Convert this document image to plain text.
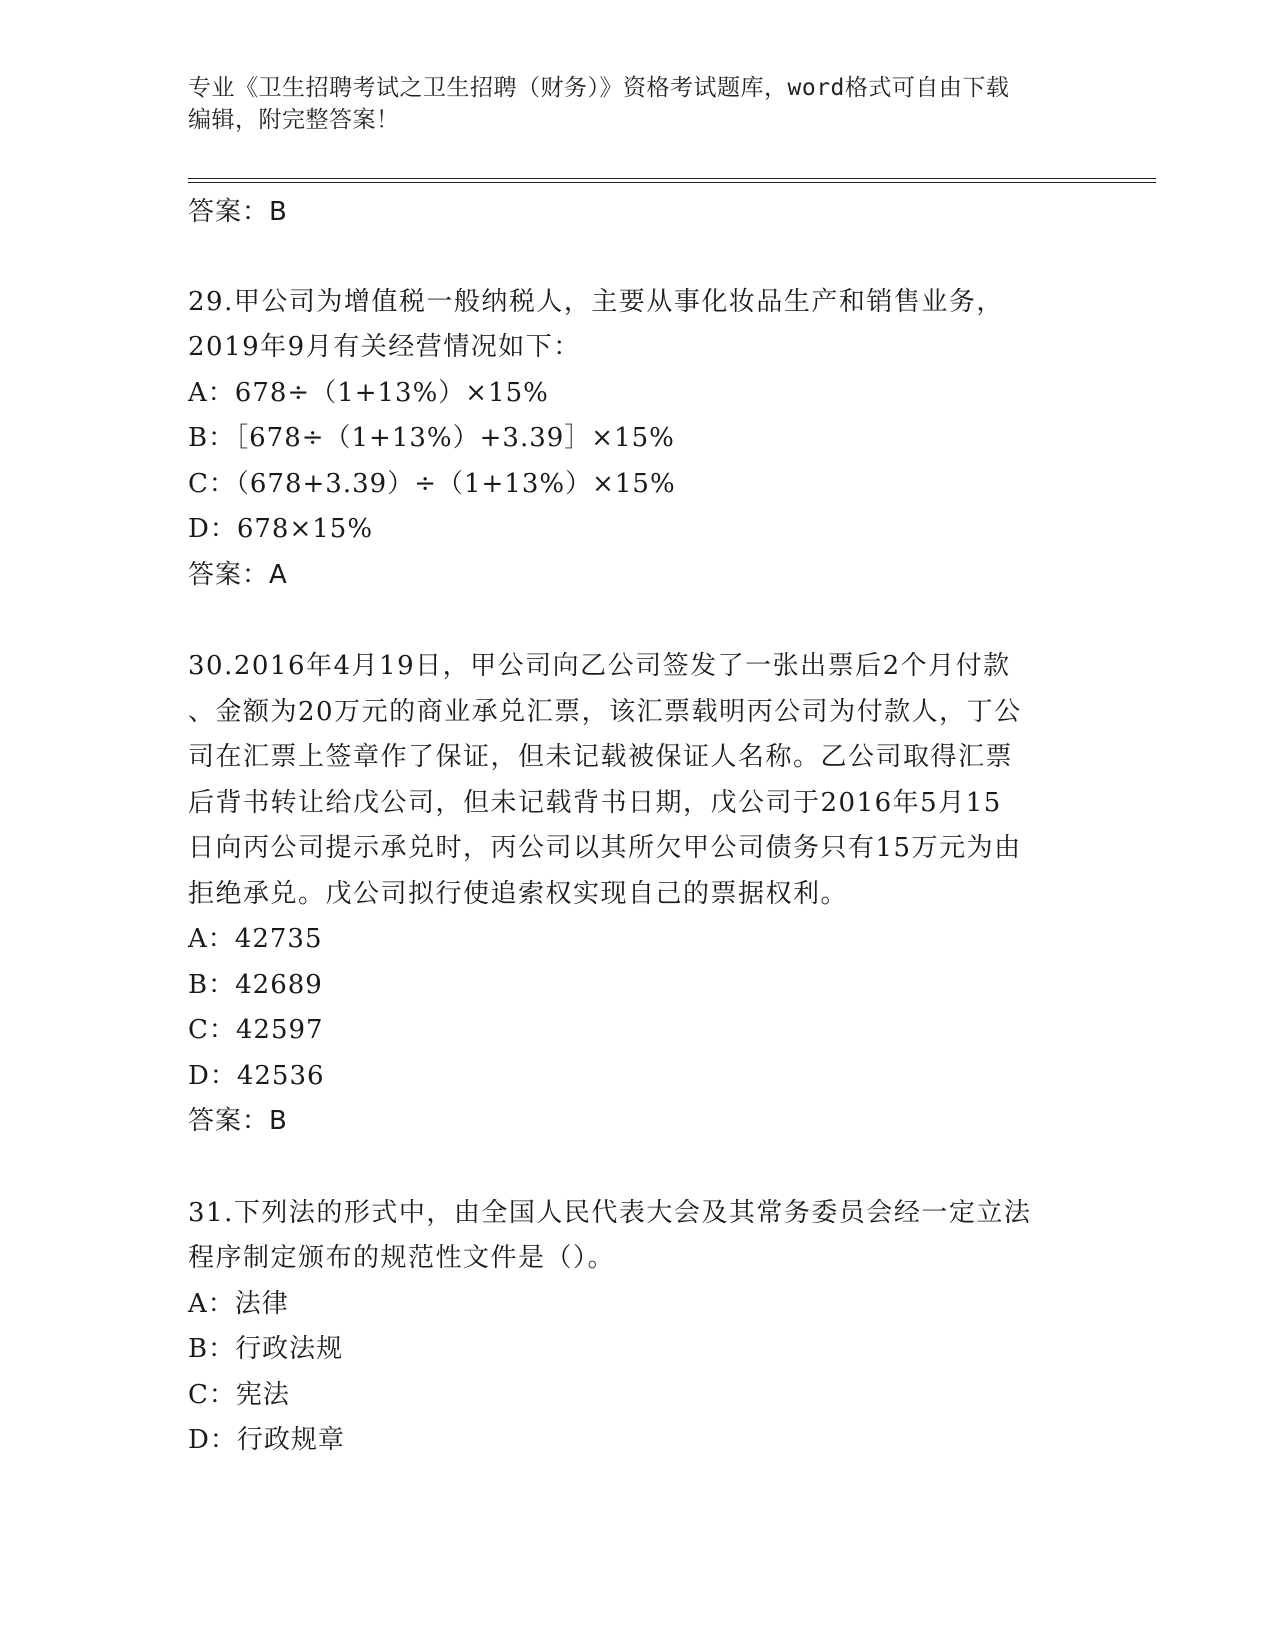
专业《卫生招聘考试之卫生招聘（财务）》资格考试题库，word格式可自由下载
编辑，附完整答案！
答案：B
29.甲公司为增值税一般纳税人，主要从事化妆品生产和销售业务，
2019年9月有关经营情况如下：
A：678÷（1+13%）×15%
B：［678÷（1+13%）+3.39］×15%
C：（678+3.39）÷（1+13%）×15%
D：678×15%
答案：A
30.2016年4月19日，甲公司向乙公司签发了一张出票后2个月付款
、金额为20万元的商业承兑汇票，该汇票载明丙公司为付款人，丁公
司在汇票上签章作了保证，但未记载被保证人名称。乙公司取得汇票
后背书转让给戊公司，但未记载背书日期，戊公司于2016年5月15
日向丙公司提示承兑时，丙公司以其所欠甲公司债务只有15万元为由
拒绝承兑。戊公司拟行使追索权实现自己的票据权利。
A：42735
B：42689
C：42597
D：42536
答案：B
31.下列法的形式中，由全国人民代表大会及其常务委员会经一定立法
程序制定颁布的规范性文件是（）。
A：法律
B：行政法规
C：宪法
D：行政规章
